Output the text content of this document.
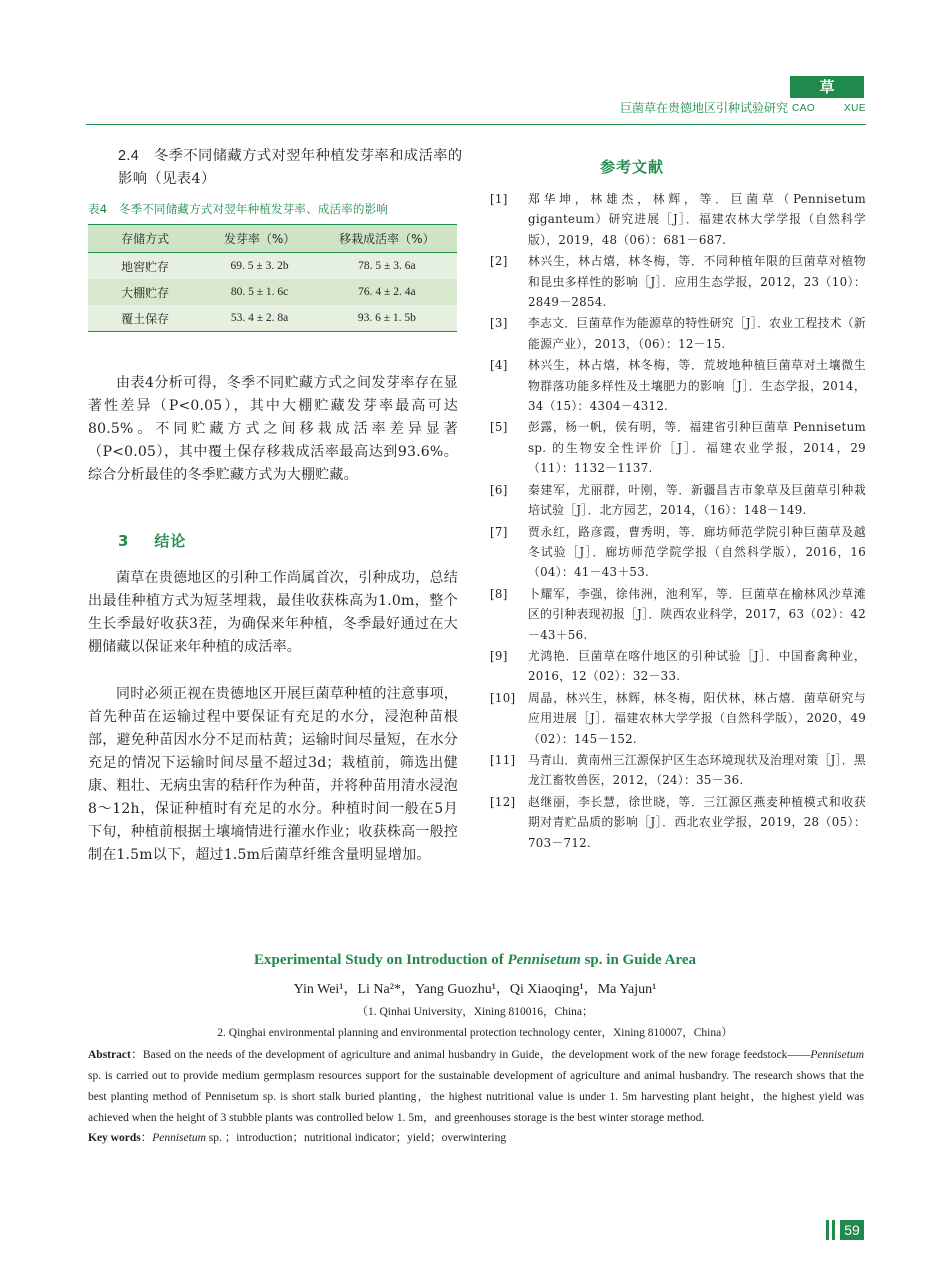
草 学
巨菌草在贵德地区引种试验研究 CAO	XUE
2.4 冬季不同储藏方式对翌年种植发芽率和成活率的影响（见表4）
表4　冬季不同储藏方式对翌年种植发芽率、成活率的影响
存储方式	发芽率（%）	移栽成活率（%）
地窖贮存	69. 5 ± 3. 2b	78. 5 ± 3. 6a
大棚贮存	80. 5 ± 1. 6c	76. 4 ± 2. 4a
覆土保存	53. 4 ± 2. 8a	93. 6 ± 1. 5b
由表4分析可得，冬季不同贮藏方式之间发芽率存在显著性差异（P<0.05），其中大棚贮藏发芽率最高可达80.5%。不同贮藏方式之间移栽成活率差异显著（P<0.05），其中覆土保存移栽成活率最高达到93.6%。综合分析最佳的冬季贮藏方式为大棚贮藏。
3 结论
菌草在贵德地区的引种工作尚属首次，引种成功，总结出最佳种植方式为短茎埋栽，最佳收获株高为1.0m，整个生长季最好收获3茬，为确保来年种植，冬季最好通过在大棚储藏以保证来年种植的成活率。
同时必须正视在贵德地区开展巨菌草种植的注意事项，首先种苗在运输过程中要保证有充足的水分，浸泡种苗根部，避免种苗因水分不足而枯黄；运输时间尽量短，在水分充足的情况下运输时间尽量不超过3d；栽植前，筛选出健康、粗壮、无病虫害的秸秆作为种苗，并将种苗用清水浸泡8～12h，保证种植时有充足的水分。种植时间一般在5月下旬，种植前根据土壤墒情进行灌水作业；收获株高一般控制在1.5m以下，超过1.5m后菌草纤维含量明显增加。
参考文献
[1]	郑华坤，林雄杰，林辉，等．巨菌草（Pennisetum giganteum）研究进展［J］．福建农林大学学报（自然科学版），2019，48（06）：681－687.
[2]	林兴生，林占熺，林冬梅，等．不同种植年限的巨菌草对植物和昆虫多样性的影响［J］．应用生态学报，2012，23（10）：2849－2854.
[3]	李志文．巨菌草作为能源草的特性研究［J］．农业工程技术（新能源产业），2013，（06）：12－15.
[4]	林兴生，林占熺，林冬梅，等．荒坡地种植巨菌草对土壤微生物群落功能多样性及土壤肥力的影响［J］．生态学报，2014，34（15）：4304－4312.
[5]	彭露，杨一帆，侯有明，等．福建省引种巨菌草 Pennisetum sp. 的生物安全性评价［J］．福建农业学报，2014，29（11）：1132－1137.
[6]	秦建军，尤丽群，叶刚，等．新疆昌吉市象草及巨菌草引种栽培试验［J］．北方园艺，2014，（16）：148－149.
[7]	贾永红，路彦霞，曹秀明，等．廊坊师范学院引种巨菌草及越冬试验［J］．廊坊师范学院学报（自然科学版），2016，16（04）：41－43＋53.
[8]	卜耀军，李强，徐伟洲，池利军，等．巨菌草在榆林风沙草滩区的引种表现初报［J］．陕西农业科学，2017，63（02）：42－43＋56.
[9]	尤鸿艳．巨菌草在喀什地区的引种试验［J］．中国畜禽种业，2016，12（02）：32－33.
[10]	周晶，林兴生，林辉，林冬梅，阳伏林，林占熺．菌草研究与应用进展［J］．福建农林大学学报（自然科学版），2020，49（02）：145－152.
[11]	马青山．黄南州三江源保护区生态环境现状及治理对策［J］．黑龙江畜牧兽医，2012，（24）：35－36.
[12]	赵继丽，李长慧，徐世晓，等．三江源区燕麦种植模式和收获期对青贮品质的影响［J］．西北农业学报，2019，28（05）：703－712.
Experimental Study on Introduction of Pennisetum sp. in Guide Area
Yin Wei¹，Li Na²*，Yang Guozhu¹，Qi Xiaoqing¹，Ma Yajun¹
（1. Qinhai University，Xining 810016，China；
2. Qinghai environmental planning and environmental protection technology center，Xining 810007，China）
Abstract：Based on the needs of the development of agriculture and animal husbandry in Guide，the development work of the new forage feedstock——Pennisetum sp. is carried out to provide medium germplasm resources support for the sustainable development of agriculture and animal husbandry. The research shows that the best planting method of Pennisetum sp. is short stalk buried planting，the highest nutritional value is under 1. 5m harvesting plant height，the highest yield was achieved when the height of 3 stubble plants was controlled below 1. 5m，and greenhouses storage is the best winter storage method.
Key words：Pennisetum sp. ；introduction；nutritional indicator；yield；overwintering
59
